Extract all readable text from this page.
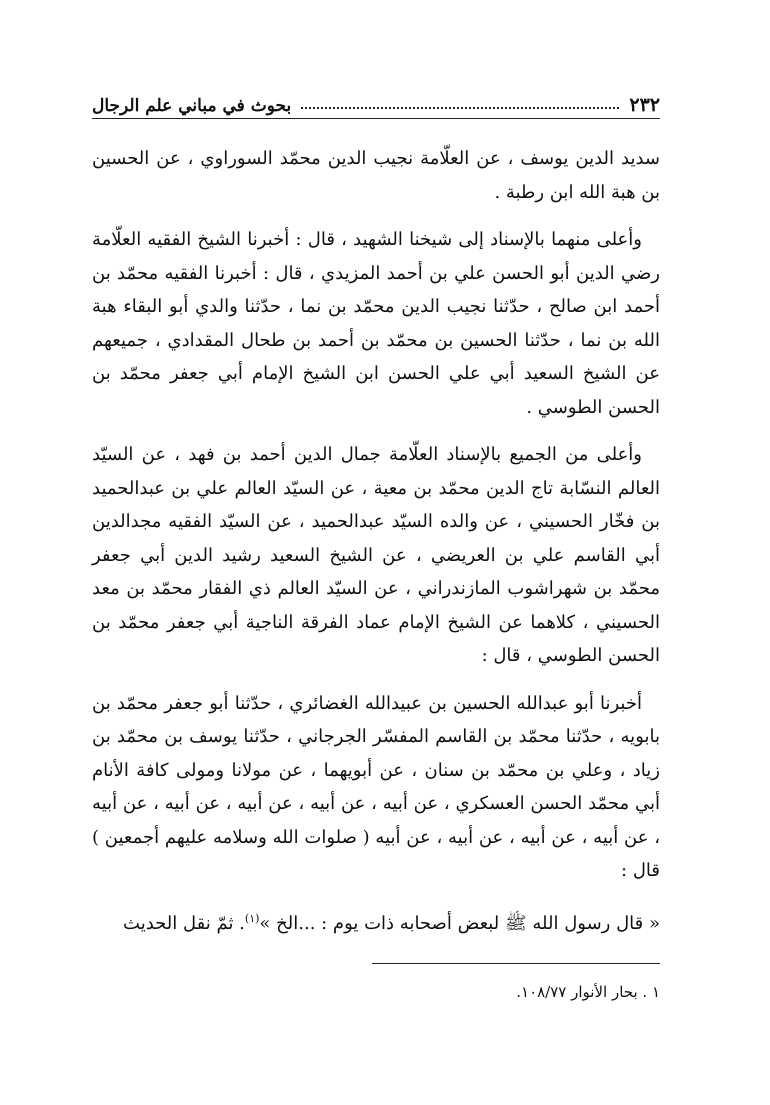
٢٣٢
بحوث في مباني علم الرجال

سديد الدين يوسف ، عن العلّامة نجيب الدين محمّد السوراوي ، عن الحسين بن هبة الله ابن رطبة .

وأعلى منهما بالإسناد إلى شيخنا الشهيد ، قال : أخبرنا الشيخ الفقيه العلّامة رضي الدين أبو الحسن علي بن أحمد المزيدي ، قال : أخبرنا الفقيه محمّد بن أحمد ابن صالح ، حدّثنا نجيب الدين محمّد بن نما ، حدّثنا والدي أبو البقاء هبة الله بن نما ، حدّثنا الحسين بن محمّد بن أحمد بن طحال المقدادي ، جميعهم عن الشيخ السعيد أبي علي الحسن ابن الشيخ الإمام أبي جعفر محمّد بن الحسن الطوسي .

وأعلى من الجميع بالإسناد العلّامة جمال الدين أحمد بن فهد ، عن السيّد العالم النسّابة تاج الدين محمّد بن معية ، عن السيّد العالم علي بن عبدالحميد بن فخّار الحسيني ، عن والده السيّد عبدالحميد ، عن السيّد الفقيه مجدالدين أبي القاسم علي بن العريضي ، عن الشيخ السعيد رشيد الدين أبي جعفر محمّد بن شهراشوب المازندراني ، عن السيّد العالم ذي الفقار محمّد بن معد الحسيني ، كلاهما عن الشيخ الإمام عماد الفرقة الناجية أبي جعفر محمّد بن الحسن الطوسي ، قال :

أخبرنا أبو عبدالله الحسين بن عبيدالله الغضائري ، حدّثنا أبو جعفر محمّد بن بابويه ، حدّثنا محمّد بن القاسم المفسّر الجرجاني ، حدّثنا يوسف بن محمّد بن زياد ، وعلي بن محمّد بن سنان ، عن أبويهما ، عن مولانا ومولى كافة الأنام أبي محمّد الحسن العسكري ، عن أبيه ، عن أبيه ، عن أبيه ، عن أبيه ، عن أبيه ، عن أبيه ، عن أبيه ، عن أبيه ، عن أبيه ( صلوات الله وسلامه عليهم أجمعين ) قال :

« قال رسول الله ﷺ لبعض أصحابه ذات يوم : ...الخ »$^{(١)}$. ثمّ نقل الحديث

١ . بحار الأنوار ١٠٨/٧٧.
